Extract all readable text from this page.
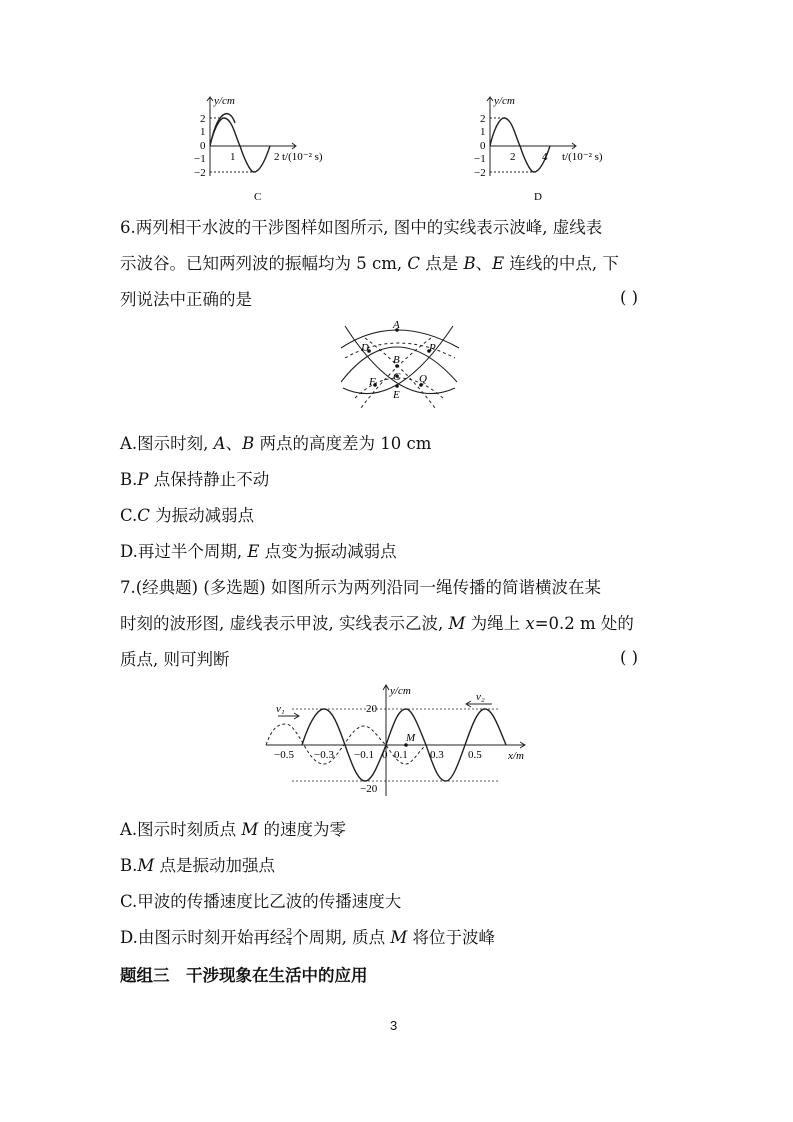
y/cm
2
1	t/(10⁻² s)
2
1
0
−1
−2
C
y/cm
2 4 t/(10⁻² s)
2
1
0
−1
−2
D
6.两列相干水波的干涉图样如图所示, 图中的实线表示波峰, 虚线表
示波谷。已知两列波的振幅均为 5 cm, C 点是 B、E 连线的中点, 下
列说法中正确的是	( )
A
D
B
P
C
F	Q
E
A.图示时刻, A、B 两点的高度差为 10 cm
B.P 点保持静止不动
C.C 为振动减弱点
D.再过半个周期, E 点变为振动减弱点
7.(经典题) (多选题) 如图所示为两列沿同一绳传播的简谐横波在某
时刻的波形图, 虚线表示甲波, 实线表示乙波, M 为绳上 x=0.2 m 处的
质点, 则可判断	( )
y/cm
x/m
v₁
v₂
M
20
−20
−0.5 −0.3 −0.1 0 0.1 0.3 0.5
A.图示时刻质点 M 的速度为零
B.M 点是振动加强点
C.甲波的传播速度比乙波的传播速度大
D.由图示时刻开始再经 $\frac{3}{4}$ 个周期, 质点 M 将位于波峰
题组三　干涉现象在生活中的应用
3
